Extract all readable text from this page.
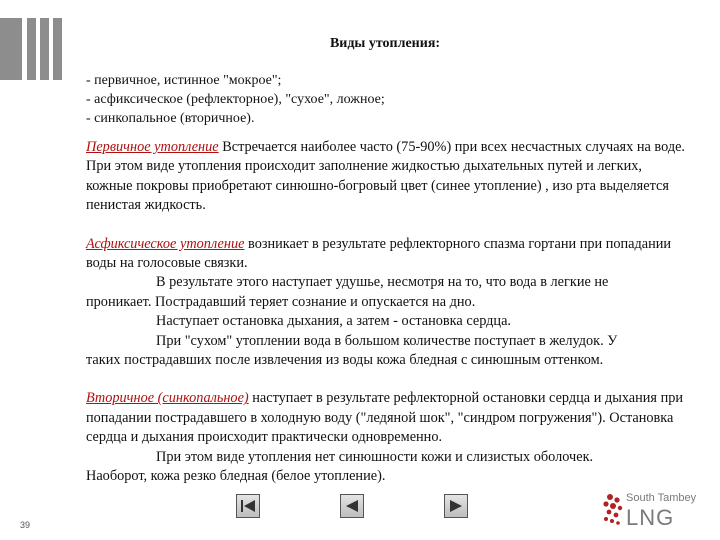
Виды утопления:
- первичное, истинное "мокрое";
- асфиксическое (рефлекторное), "сухое", ложное;
- синкопальное (вторичное).

Первичное утопление Встречается наиболее часто (75-90%) при всех несчастных случаях на воде. При этом виде утопления происходит заполнение жидкостью дыхательных путей и легких, кожные покровы приобретают синюшно-богровый цвет (синее утопление) , изо рта выделяется пенистая жидкость.

Асфиксическое утопление возникает в результате рефлекторного спазма гортани при попадании воды на голосовые связки.

В результате этого наступает удушье, несмотря на то, что вода в легкие не
проникает. Пострадавший теряет сознание и опускается на дно.
Наступает остановка дыхания, а затем - остановка сердца.
При "сухом" утоплении вода в большом количестве поступает в желудок. У
таких пострадавших после извлечения из воды кожа бледная с синюшным оттенком.

Вторичное (синкопальное) наступает в результате рефлекторной остановки сердца и дыхания при попадании пострадавшего в холодную воду ("ледяной шок", "синдром погружения"). Остановка сердца и дыхания происходит практически одновременно.

При этом виде утопления нет синюшности кожи и слизистых оболочек.
Наоборот, кожа резко бледная (белое утопление).
39
South Tambey
LNG
